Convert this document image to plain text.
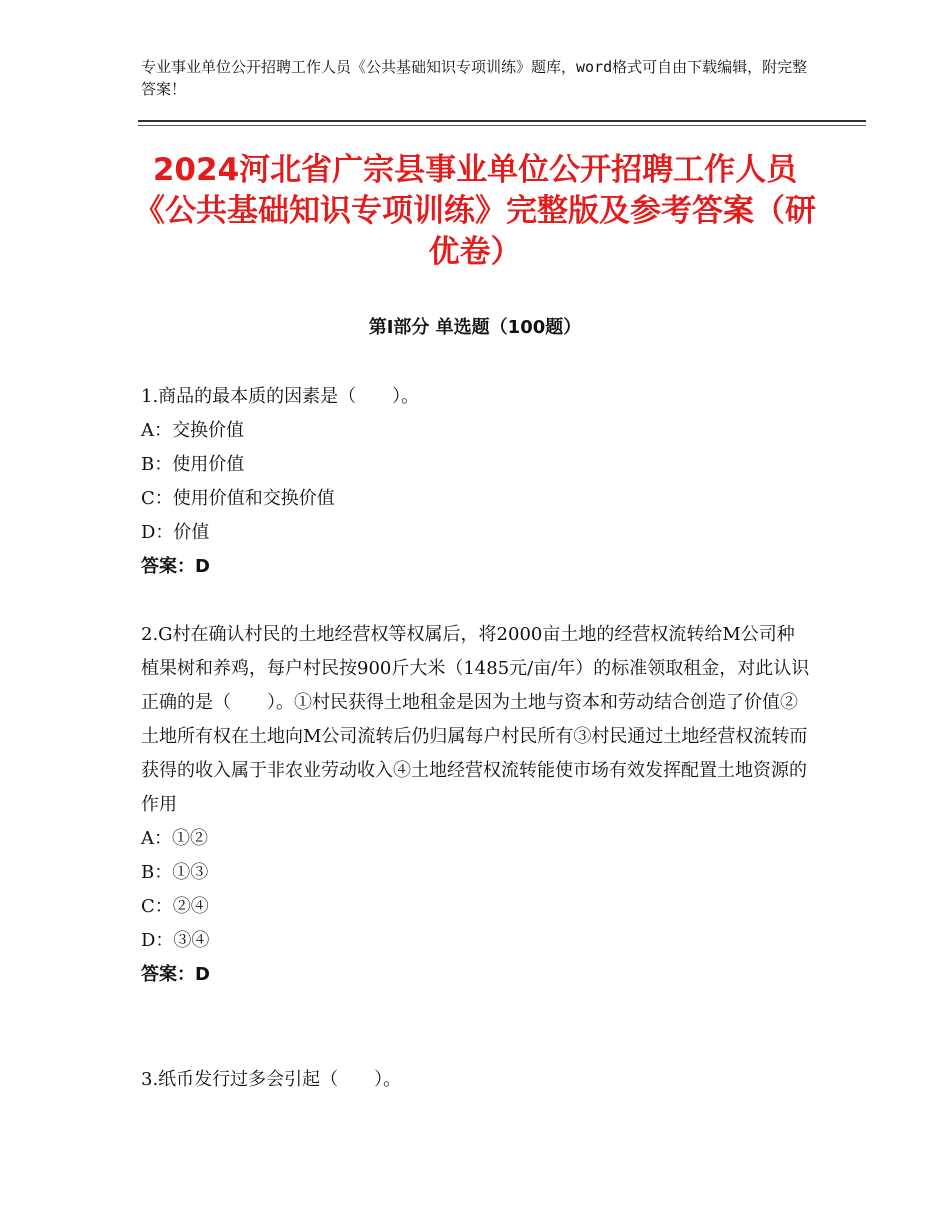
专业事业单位公开招聘工作人员《公共基础知识专项训练》题库，word格式可自由下载编辑，附完整答案！
2024河北省广宗县事业单位公开招聘工作人员《公共基础知识专项训练》完整版及参考答案（研优卷）
第Ⅰ部分 单选题（100题）
1.商品的最本质的因素是（　　）。
A：交换价值
B：使用价值
C：使用价值和交换价值
D：价值
答案：D
2.G村在确认村民的土地经营权等权属后，将2000亩土地的经营权流转给M公司种植果树和养鸡，每户村民按900斤大米（1485元/亩/年）的标准领取租金，对此认识正确的是（　　）。①村民获得土地租金是因为土地与资本和劳动结合创造了价值②土地所有权在土地向M公司流转后仍归属每户村民所有③村民通过土地经营权流转而获得的收入属于非农业劳动收入④土地经营权流转能使市场有效发挥配置土地资源的作用
A：①②
B：①③
C：②④
D：③④
答案：D
3.纸币发行过多会引起（　　）。
